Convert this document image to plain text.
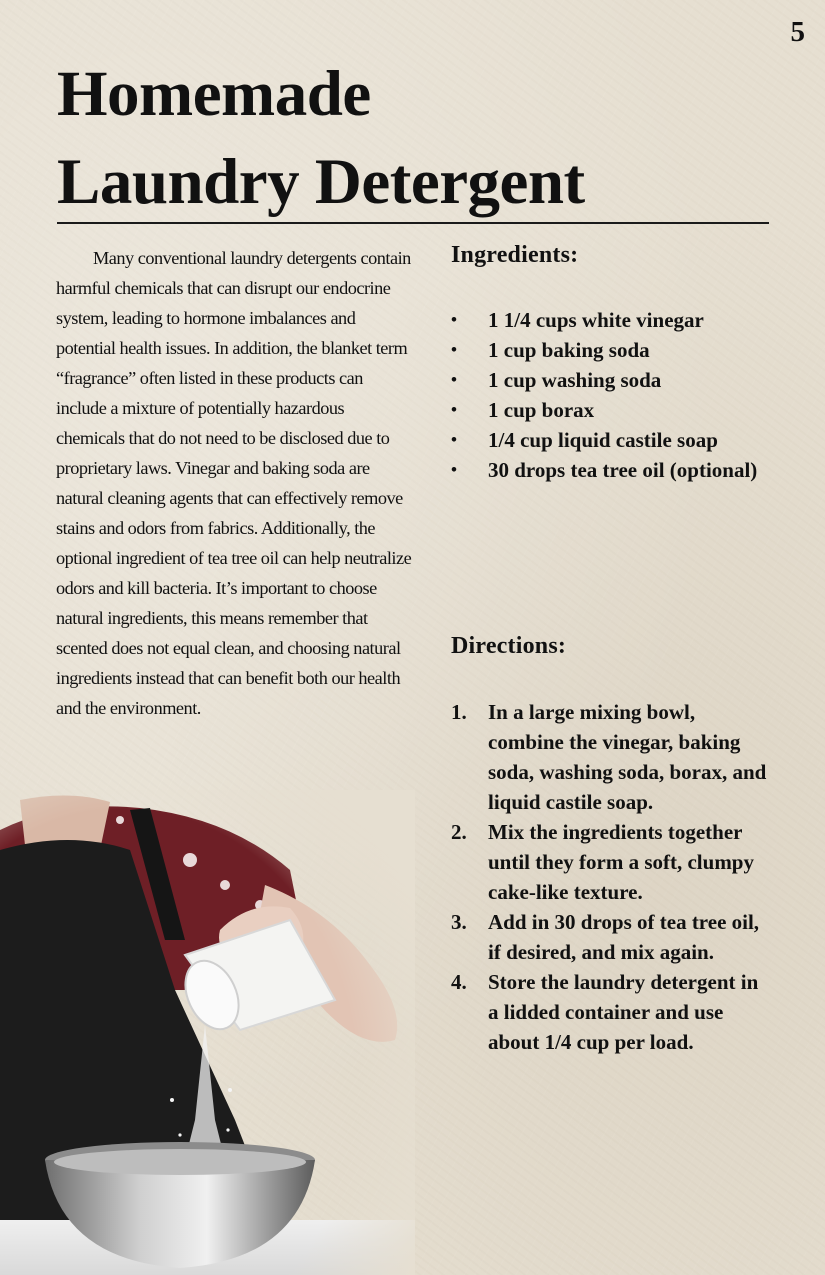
5
Homemade
Laundry Detergent

Many conventional laundry detergents contain harmful chemicals that can disrupt our endocrine system, leading to hormone imbalances and potential health issues. In addition, the blanket term “fragrance” often listed in these products can include a mixture of potentially hazardous chemicals that do not need to be disclosed due to proprietary laws. Vinegar and baking soda are natural cleaning agents that can effectively remove stains and odors from fabrics. Additionally, the optional ingredient of tea tree oil can help neutralize odors and kill bacteria. It’s important to choose natural ingredients, this means remember that scented does not equal clean, and choosing natural ingredients instead that can benefit both our health and the environment.

Ingredients:
• 1 1/4 cups white vinegar
• 1 cup baking soda
• 1 cup washing soda
• 1 cup borax
• 1/4 cup liquid castile soap
• 30 drops tea tree oil (optional)
Directions:
1. In a large mixing bowl, combine the vinegar, baking soda, washing soda, borax, and liquid castile soap.
2. Mix the ingredients together until they form a soft, clumpy cake-like texture.
3. Add in 30 drops of tea tree oil, if desired, and mix again.
4. Store the laundry detergent in a lidded container and use about 1/4 cup per load.
